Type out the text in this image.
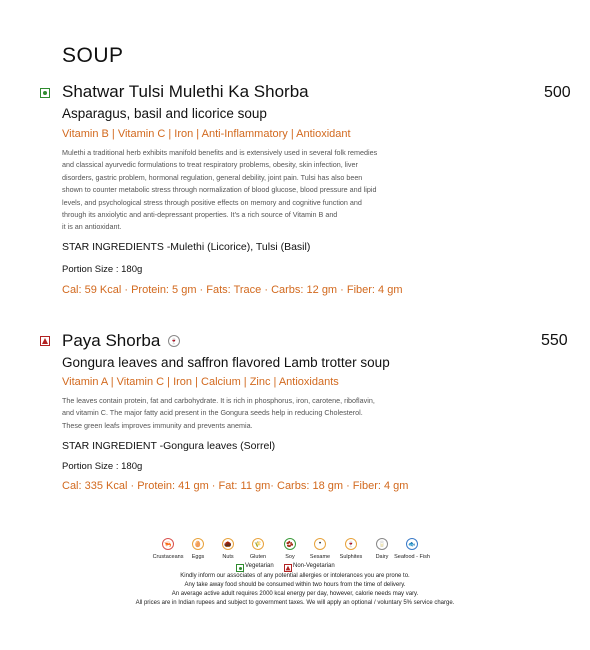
SOUP
Shatwar Tulsi Mulethi Ka Shorba	500
Asparagus, basil and licorice soup
Vitamin B | Vitamin C | Iron | Anti-Inflammatory | Antioxidant
Mulethi a traditional herb exhibits manifold benefits and is extensively used in several folk remedies
and classical ayurvedic formulations to treat respiratory problems, obesity, skin infection, liver
disorders, gastric problem, hormonal regulation, general debility, joint pain. Tulsi has also been
shown to counter metabolic stress through normalization of blood glucose, blood pressure and lipid
levels, and psychological stress through positive effects on memory and cognitive function and
through its anxiolytic and anti-depressant properties. It's a rich source of Vitamin B and
it is an antioxidant.
STAR INGREDIENTS -Mulethi (Licorice), Tulsi (Basil)
Portion Size : 180g
Cal: 59 Kcal · Protein: 5 gm · Fats: Trace · Carbs: 12 gm · Fiber: 4 gm
Paya Shorba	🍷	550
Gongura leaves and saffron flavored Lamb trotter soup
Vitamin A | Vitamin C | Iron | Calcium | Zinc | Antioxidants
The leaves contain protein, fat and carbohydrate. It is rich in phosphorus, iron, carotene, riboflavin,
and vitamin C. The major fatty acid present in the Gongura seeds help in reducing Cholesterol.
These green leafs improves immunity and prevents anemia.
STAR INGREDIENT -Gongura leaves (Sorrel)
Portion Size : 180g
Cal: 335 Kcal · Protein: 41 gm · Fat: 11 gm· Carbs: 18 gm · Fiber: 4 gm
🦐
Crustaceans
🥚
Eggs
🌰
Nuts
🌾
Gluten
🫘
Soy
•
Sesame
🍷
Sulphites
🥛
Dairy
🐟
Seafood - Fish
Vegetarian	Non-Vegetarian
Kindly inform our associates of any potential allergies or intolerances you are prone to.
Any take away food should be consumed within two hours from the time of delivery.
An average active adult requires 2000 kcal energy per day, however, calorie needs may vary.
All prices are in Indian rupees and subject to government taxes. We will apply an optional / voluntary 5% service charge.
